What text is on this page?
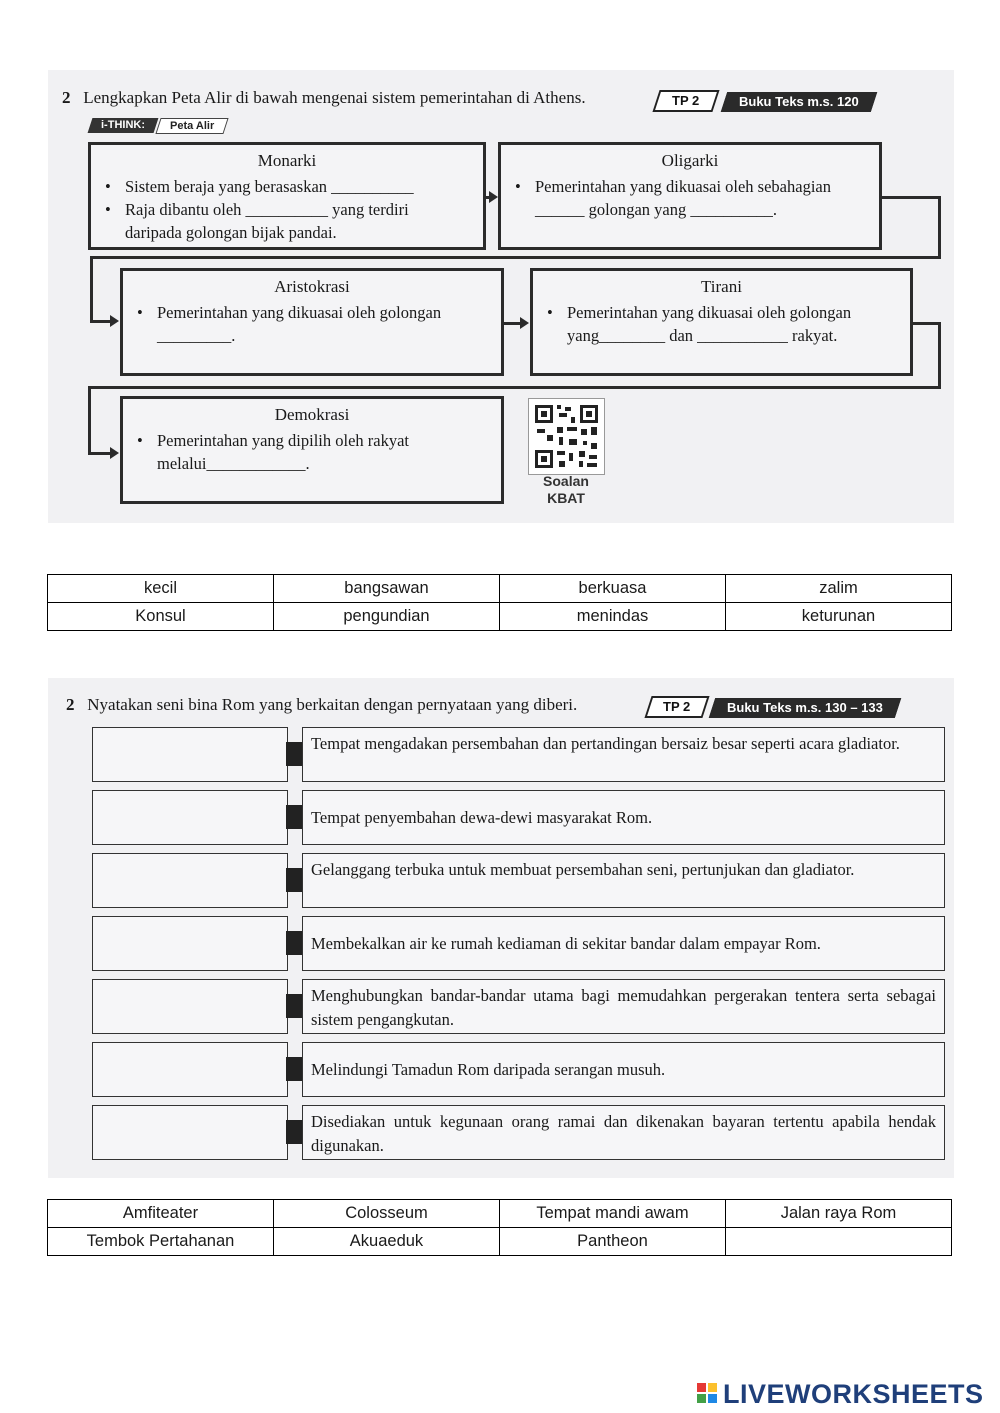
2 Lengkapkan Peta Alir di bawah mengenai sistem pemerintahan di Athens.	TP 2	Buku Teks m.s. 120
i-THINK:	Peta Alir
Monarki
• Sistem beraja yang berasaskan __________
• Raja dibantu oleh __________ yang terdiri
daripada golongan bijak pandai.
Oligarki
• Pemerintahan yang dikuasai oleh sebahagian
______ golongan yang __________.
Aristokrasi
• Pemerintahan yang dikuasai oleh golongan
_________.
Tirani
• Pemerintahan yang dikuasai oleh golongan
yang________ dan ___________ rakyat.
Demokrasi
• Pemerintahan yang dipilih oleh rakyat
melalui____________.
Soalan
KBAT
kecil	bangsawan	berkuasa	zalim
Konsul	pengundian	menindas	keturunan
2 Nyatakan seni bina Rom yang berkaitan dengan pernyataan yang diberi.	TP 2	Buku Teks m.s. 130 – 133
Tempat mengadakan persembahan dan pertandingan bersaiz besar seperti acara gladiator.
Tempat penyembahan dewa-dewi masyarakat Rom.
Gelanggang terbuka untuk membuat persembahan seni, pertunjukan dan gladiator.
Membekalkan air ke rumah kediaman di sekitar bandar dalam empayar Rom.
Menghubungkan bandar-bandar utama bagi memudahkan pergerakan tentera serta sebagai sistem pengangkutan.
Melindungi Tamadun Rom daripada serangan musuh.
Disediakan untuk kegunaan orang ramai dan dikenakan bayaran tertentu apabila hendak digunakan.
Amfiteater	Colosseum	Tempat mandi awam	Jalan raya Rom
Tembok Pertahanan	Akuaeduk	Pantheon	
LIVEWORKSHEETS
